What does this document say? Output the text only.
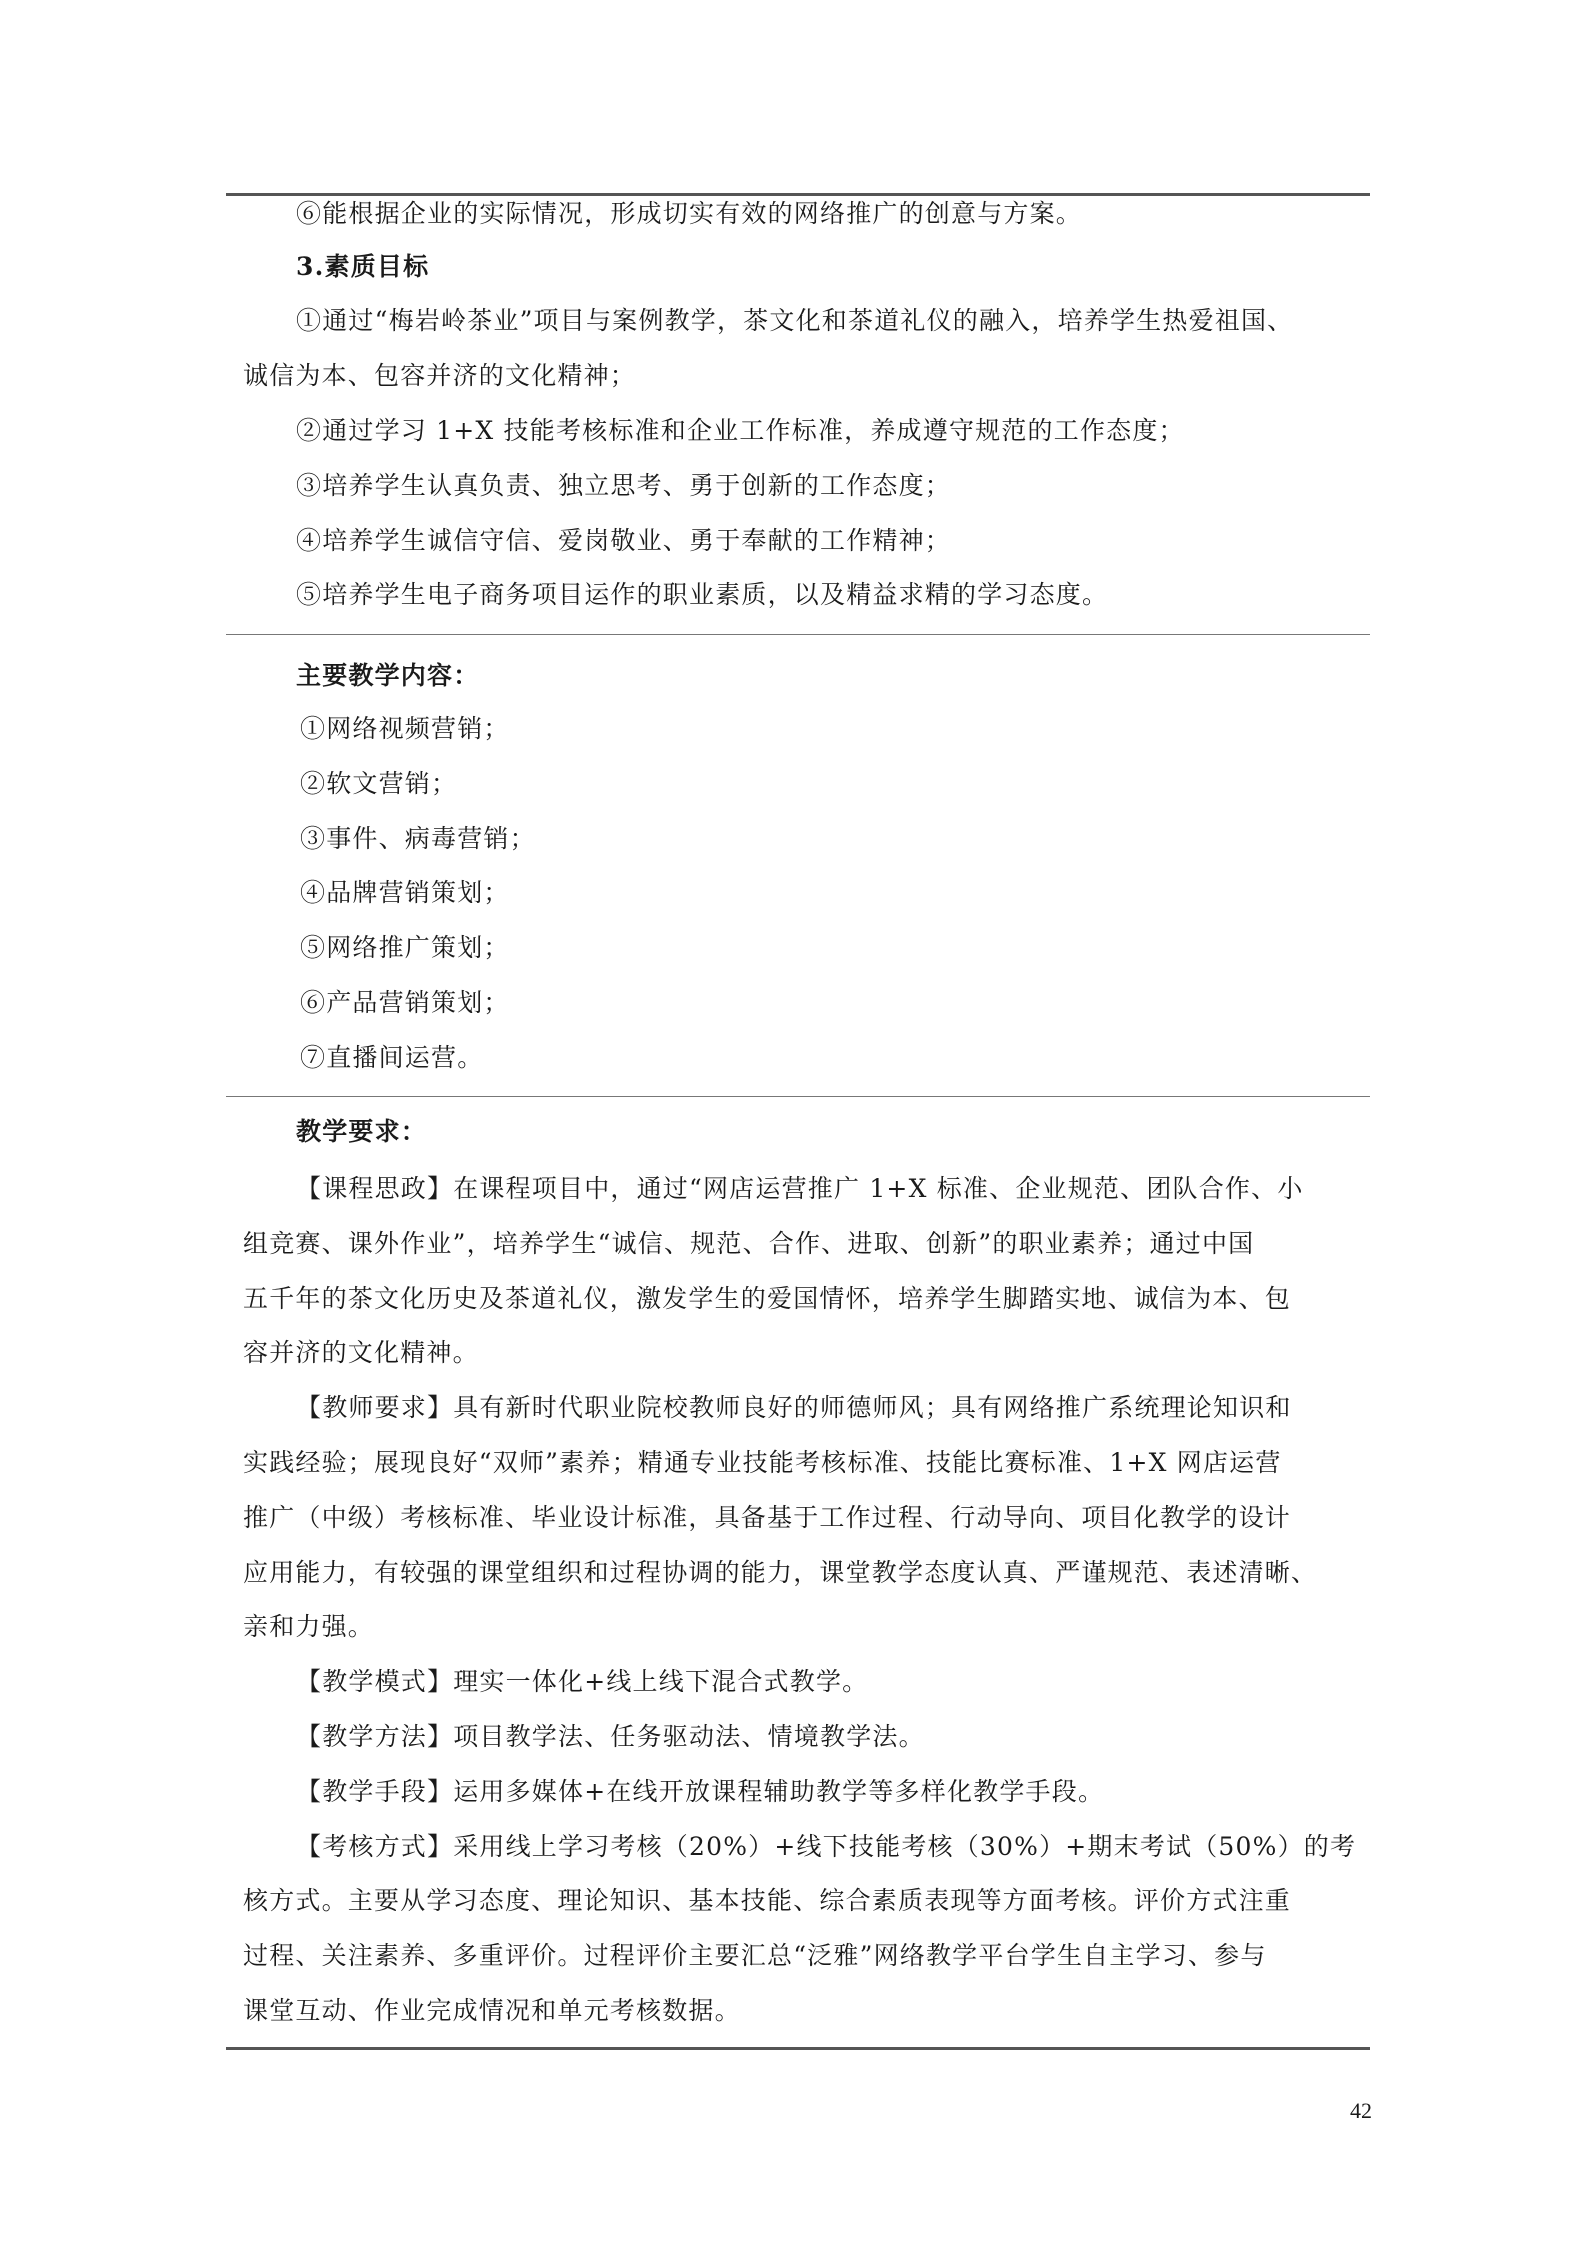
⑥能根据企业的实际情况，形成切实有效的网络推广的创意与方案。
3.素质目标
①通过“梅岩岭茶业”项目与案例教学，茶文化和茶道礼仪的融入，培养学生热爱祖国、
诚信为本、包容并济的文化精神；
②通过学习 1+X 技能考核标准和企业工作标准，养成遵守规范的工作态度；
③培养学生认真负责、独立思考、勇于创新的工作态度；
④培养学生诚信守信、爱岗敬业、勇于奉献的工作精神；
⑤培养学生电子商务项目运作的职业素质，以及精益求精的学习态度。
主要教学内容：
①网络视频营销；
②软文营销；
③事件、病毒营销；
④品牌营销策划；
⑤网络推广策划；
⑥产品营销策划；
⑦直播间运营。
教学要求：
【课程思政】在课程项目中，通过“网店运营推广 1+X 标准、企业规范、团队合作、小
组竞赛、课外作业”，培养学生“诚信、规范、合作、进取、创新”的职业素养；通过中国
五千年的茶文化历史及茶道礼仪，激发学生的爱国情怀，培养学生脚踏实地、诚信为本、包
容并济的文化精神。
【教师要求】具有新时代职业院校教师良好的师德师风；具有网络推广系统理论知识和
实践经验；展现良好“双师”素养；精通专业技能考核标准、技能比赛标准、1+X 网店运营
推广（中级）考核标准、毕业设计标准，具备基于工作过程、行动导向、项目化教学的设计
应用能力，有较强的课堂组织和过程协调的能力，课堂教学态度认真、严谨规范、表述清晰、
亲和力强。
【教学模式】理实一体化+线上线下混合式教学。
【教学方法】项目教学法、任务驱动法、情境教学法。
【教学手段】运用多媒体+在线开放课程辅助教学等多样化教学手段。
【考核方式】采用线上学习考核（20%）+线下技能考核（30%）+期末考试（50%）的考
核方式。主要从学习态度、理论知识、基本技能、综合素质表现等方面考核。评价方式注重
过程、关注素养、多重评价。过程评价主要汇总“泛雅”网络教学平台学生自主学习、参与
课堂互动、作业完成情况和单元考核数据。
42
